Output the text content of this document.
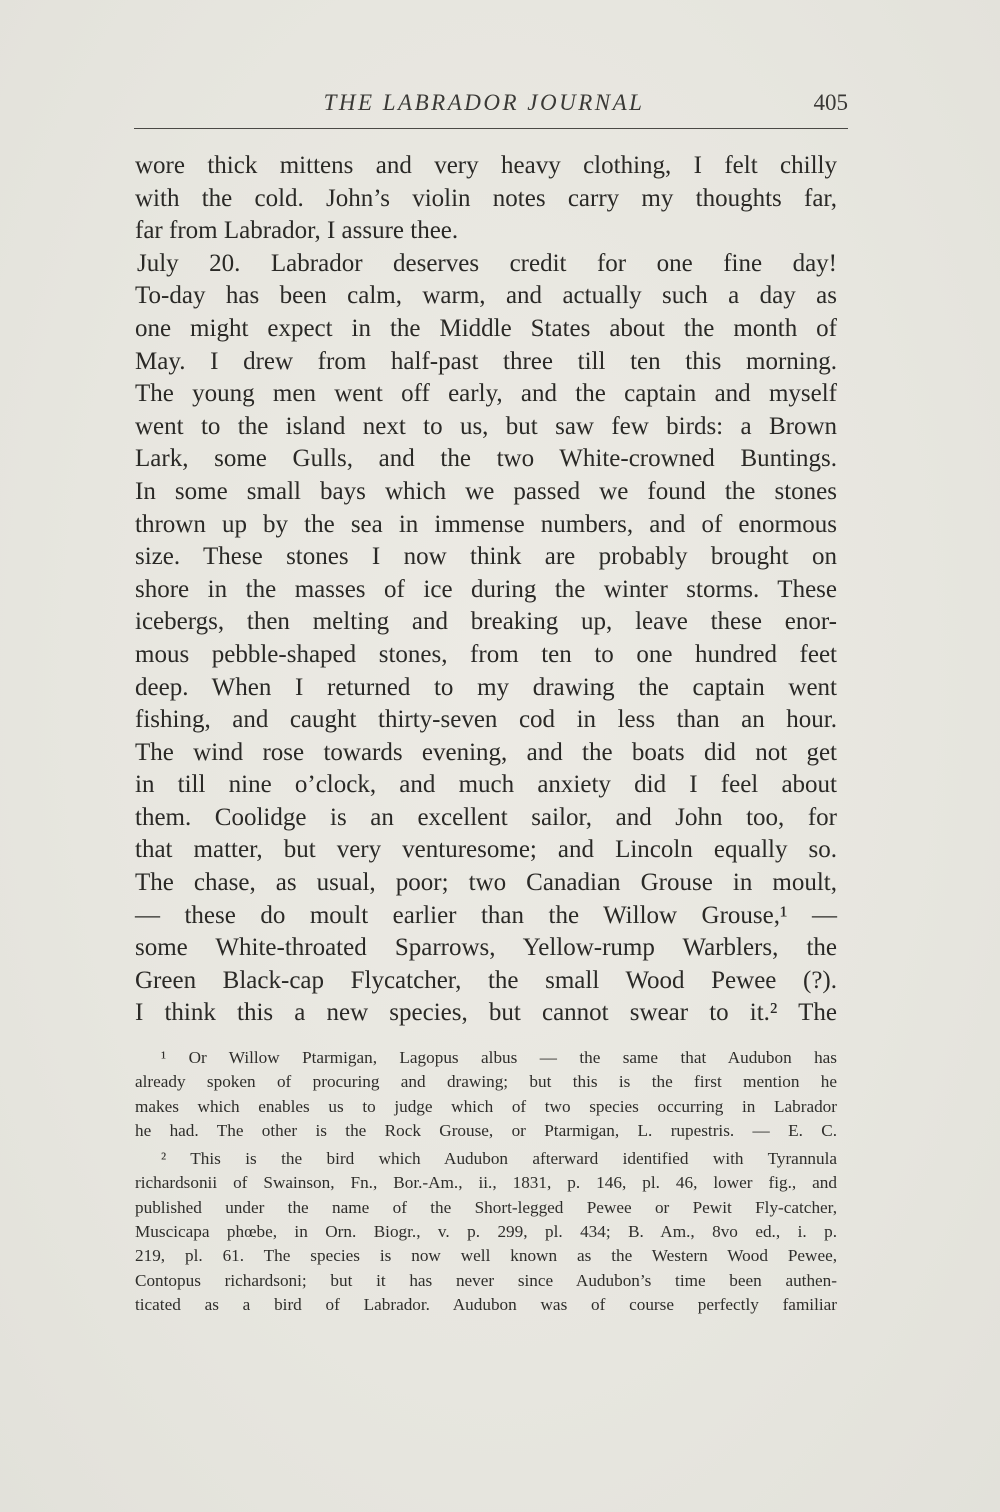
THE LABRADOR JOURNAL	405
wore thick mittens and very heavy clothing, I felt chilly
with the cold. John’s violin notes carry my thoughts far,
far from Labrador, I assure thee.
July 20. Labrador deserves credit for one fine day!
To-day has been calm, warm, and actually such a day as
one might expect in the Middle States about the month of
May. I drew from half-past three till ten this morning.
The young men went off early, and the captain and myself
went to the island next to us, but saw few birds: a Brown
Lark, some Gulls, and the two White-crowned Buntings.
In some small bays which we passed we found the stones
thrown up by the sea in immense numbers, and of enormous
size. These stones I now think are probably brought on
shore in the masses of ice during the winter storms. These
icebergs, then melting and breaking up, leave these enor-
mous pebble-shaped stones, from ten to one hundred feet
deep. When I returned to my drawing the captain went
fishing, and caught thirty-seven cod in less than an hour.
The wind rose towards evening, and the boats did not get
in till nine o’clock, and much anxiety did I feel about
them. Coolidge is an excellent sailor, and John too, for
that matter, but very venturesome; and Lincoln equally so.
The chase, as usual, poor; two Canadian Grouse in moult,
— these do moult earlier than the Willow Grouse,¹ —
some White-throated Sparrows, Yellow-rump Warblers, the
Green Black-cap Flycatcher, the small Wood Pewee (?).
I think this a new species, but cannot swear to it.² The
¹ Or Willow Ptarmigan, Lagopus albus — the same that Audubon has
already spoken of procuring and drawing; but this is the first mention he
makes which enables us to judge which of two species occurring in Labrador
he had. The other is the Rock Grouse, or Ptarmigan, L. rupestris. — E. C.
² This is the bird which Audubon afterward identified with Tyrannula
richardsonii of Swainson, Fn., Bor.-Am., ii., 1831, p. 146, pl. 46, lower fig., and
published under the name of the Short-legged Pewee or Pewit Fly-catcher,
Muscicapa phœbe, in Orn. Biogr., v. p. 299, pl. 434; B. Am., 8vo ed., i. p.
219, pl. 61. The species is now well known as the Western Wood Pewee,
Contopus richardsoni; but it has never since Audubon’s time been authen-
ticated as a bird of Labrador. Audubon was of course perfectly familiar
